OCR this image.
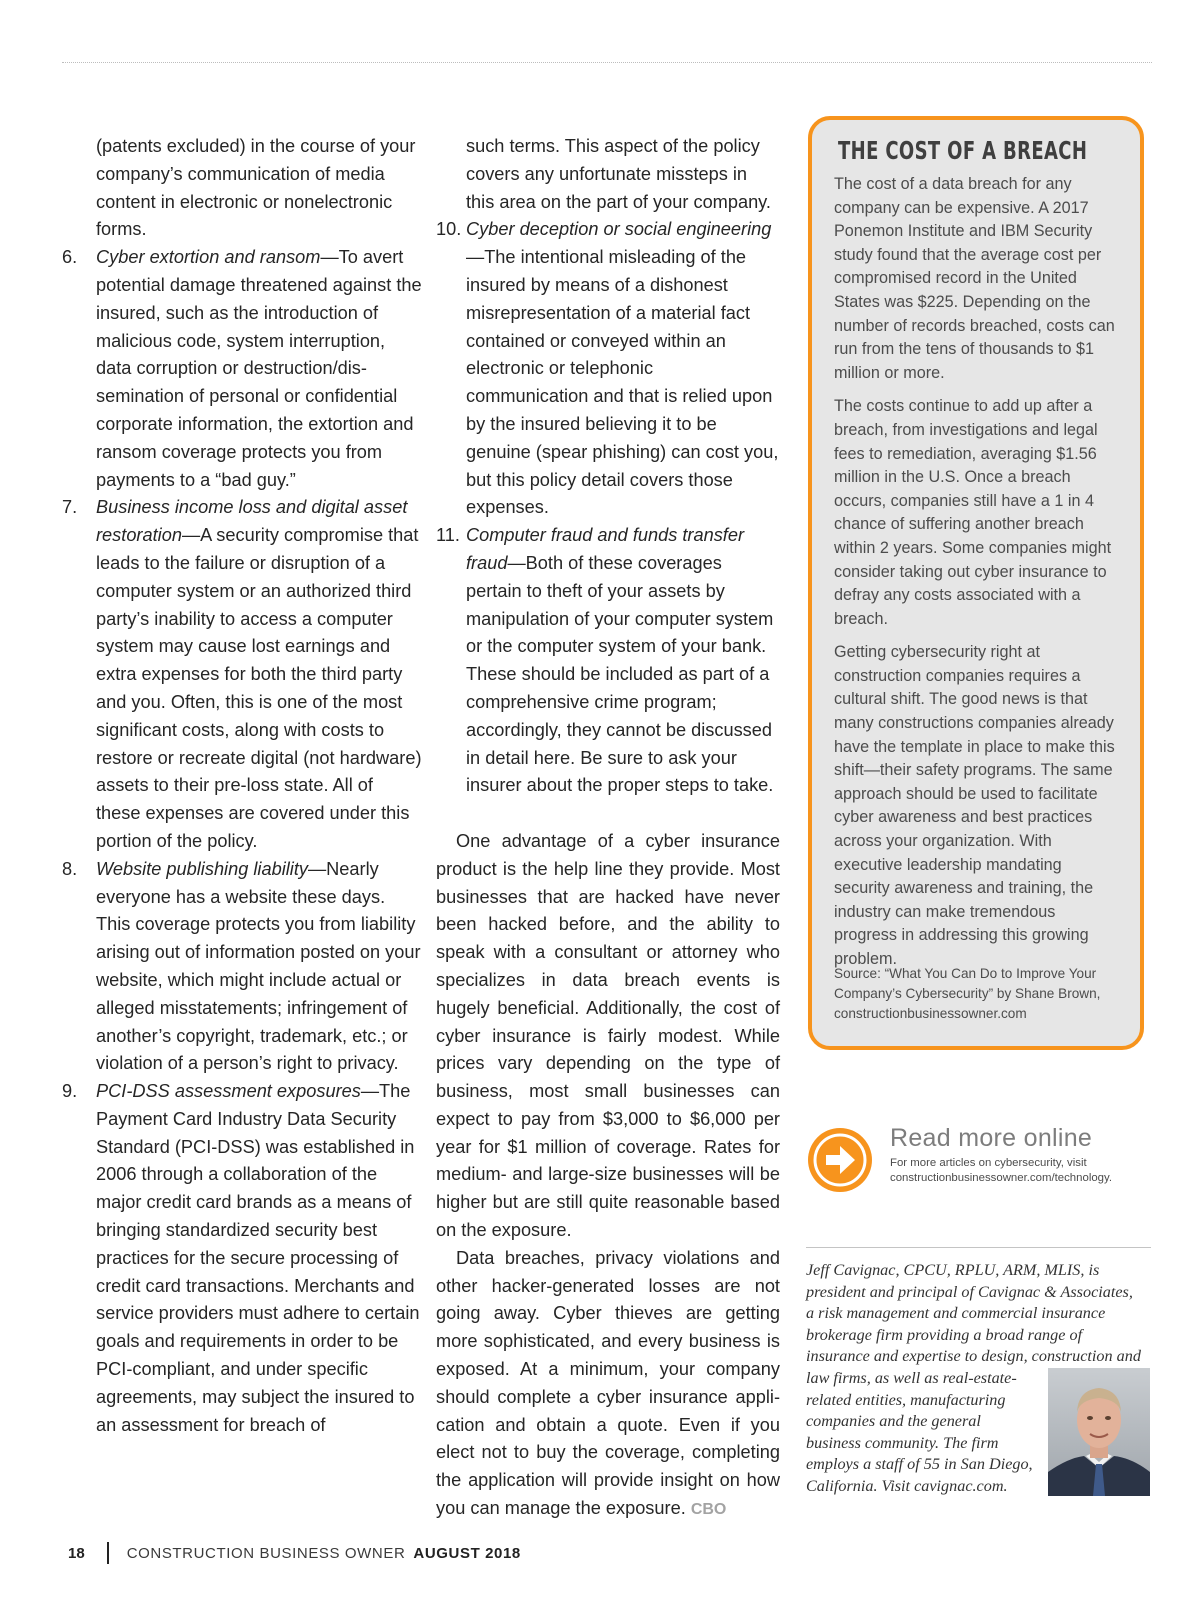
(patents excluded) in the course of your company’s communication of media content in electronic or nonelectronic forms.

6.	Cyber extortion and ransom—To avert potential damage threatened against the insured, such as the introduction of malicious code, system interruption, data corruption or destruction/dissemination of personal or confidential corporate information, the extortion and ransom coverage protects you from payments to a “bad guy.”
7.	Business income loss and digital asset restoration—A security compromise that leads to the failure or disruption of a computer system or an authorized third party’s inability to access a computer system may cause lost earnings and extra expenses for both the third party and you. Often, this is one of the most significant costs, along with costs to restore or recreate digital (not hardware) assets to their pre-loss state. All of these expenses are covered under this portion of the policy.
8.	Website publishing liability—Nearly everyone has a website these days. This coverage protects you from liability arising out of information posted on your website, which might include actual or alleged misstatements; infringement of another’s copyright, trademark, etc.; or violation of a person’s right to privacy.
9.	PCI-DSS assessment exposures—The Payment Card Industry Data Security Standard (PCI-DSS) was established in 2006 through a collaboration of the major credit card brands as a means of bringing standardized security best practices for the secure processing of credit card transactions. Merchants and service providers must adhere to certain goals and requirements in order to be PCI-compliant, and under specific agreements, may subject the insured to an assessment for breach of

such terms. This aspect of the policy covers any unfortunate missteps in this area on the part of your company.

10. Cyber deception or social engineering—The intentional misleading of the insured by means of a dishonest misrepresentation of a material fact contained or conveyed within an electronic or telephonic communication and that is relied upon by the insured believing it to be genuine (spear phishing) can cost you, but this policy detail covers those expenses.
11. Computer fraud and funds transfer fraud—Both of these coverages pertain to theft of your assets by manipulation of your computer system or the computer system of your bank. These should be included as part of a comprehensive crime program; accordingly, they cannot be discussed in detail here. Be sure to ask your insurer about the proper steps to take.

One advantage of a cyber insurance product is the help line they provide. Most businesses that are hacked have never been hacked before, and the ability to speak with a consultant or attorney who specializes in data breach events is hugely beneficial. Additionally, the cost of cyber insurance is fairly modest. While prices vary depending on the type of business, most small businesses can expect to pay from $3,000 to $6,000 per year for $1 million of coverage. Rates for medium- and large-size businesses will be higher but are still quite reasonable based on the exposure.

Data breaches, privacy violations and other hacker-generated losses are not going away. Cyber thieves are getting more sophisticated, and every business is exposed. At a minimum, your company should complete a cyber insurance application and obtain a quote. Even if you elect not to buy the coverage, completing the application will provide insight on how you can manage the exposure. CBO

THE COST OF A BREACH

The cost of a data breach for any company can be expensive. A 2017 Ponemon Institute and IBM Security study found that the average cost per compromised record in the United States was $225. Depending on the number of records breached, costs can run from the tens of thousands to $1 million or more.

The costs continue to add up after a breach, from investigations and legal fees to remediation, averaging $1.56 million in the U.S. Once a breach occurs, companies still have a 1 in 4 chance of suffering another breach within 2 years. Some companies might consider taking out cyber insurance to defray any costs associated with a breach.

Getting cybersecurity right at construction companies requires a cultural shift. The good news is that many constructions companies already have the template in place to make this shift—their safety programs. The same approach should be used to facilitate cyber awareness and best practices across your organization. With executive leadership mandating security awareness and training, the industry can make tremendous progress in addressing this growing problem.

Source: “What You Can Do to Improve Your Company’s Cybersecurity” by Shane Brown, constructionbusinessowner.com

Read more online

For more articles on cybersecurity, visit constructionbusinessowner.com/technology.

Jeff Cavignac, CPCU, RPLU, ARM, MLIS, is
president and principal of Cavignac & Associates,
a risk management and commercial insurance
brokerage firm providing a broad range of
insurance and expertise to design, construction and
law firms, as well as real-estate-
related entities, manufacturing
companies and the general
business community. The firm
employs a staff of 55 in San Diego,
California. Visit cavignac.com.

18	CONSTRUCTION BUSINESS OWNER AUGUST 2018
